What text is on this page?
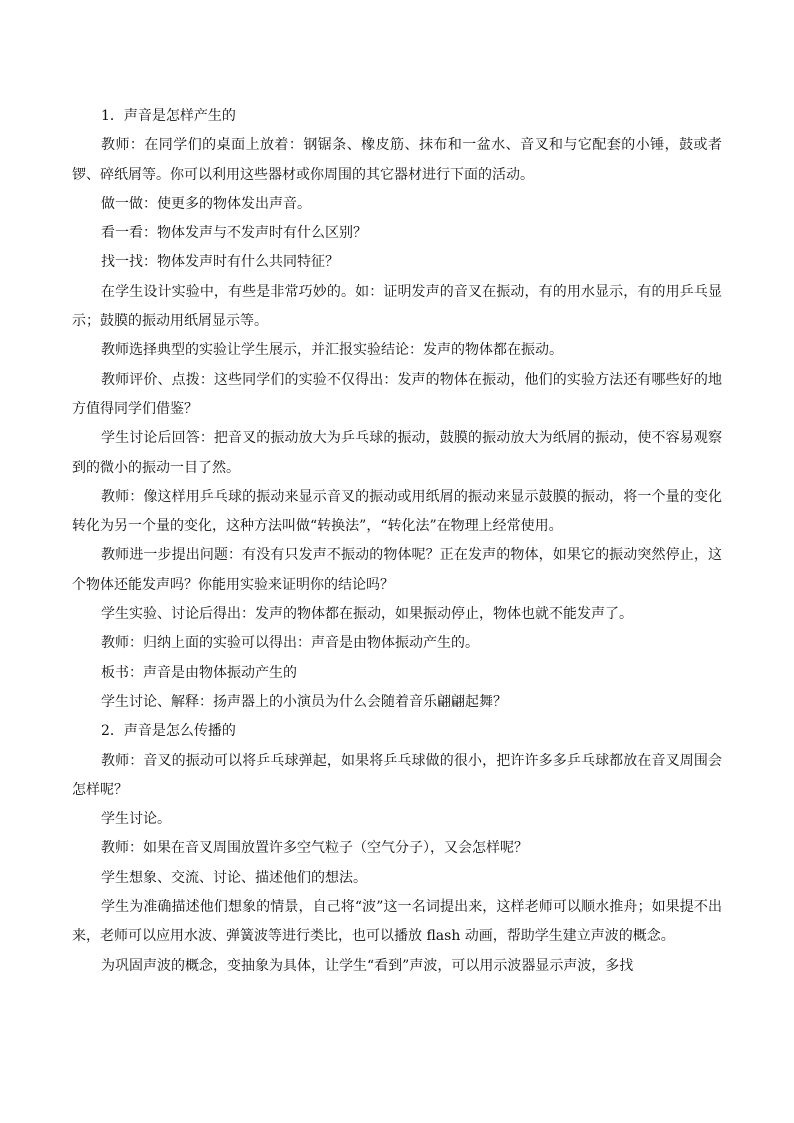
1．声音是怎样产生的

教师：在同学们的桌面上放着：钢锯条、橡皮筋、抹布和一盆水、音叉和与它配套的小锤，鼓或者锣、碎纸屑等。你可以利用这些器材或你周围的其它器材进行下面的活动。

做一做：使更多的物体发出声音。

看一看：物体发声与不发声时有什么区别？

找一找：物体发声时有什么共同特征？

在学生设计实验中，有些是非常巧妙的。如：证明发声的音叉在振动，有的用水显示，有的用乒乓显示；鼓膜的振动用纸屑显示等。

教师选择典型的实验让学生展示，并汇报实验结论：发声的物体都在振动。

教师评价、点拨：这些同学们的实验不仅得出：发声的物体在振动，他们的实验方法还有哪些好的地方值得同学们借鉴？

学生讨论后回答：把音叉的振动放大为乒乓球的振动，鼓膜的振动放大为纸屑的振动，使不容易观察到的微小的振动一目了然。

教师：像这样用乒乓球的振动来显示音叉的振动或用纸屑的振动来显示鼓膜的振动，将一个量的变化转化为另一个量的变化，这种方法叫做“转换法”，“转化法”在物理上经常使用。

教师进一步提出问题：有没有只发声不振动的物体呢？正在发声的物体，如果它的振动突然停止，这个物体还能发声吗？你能用实验来证明你的结论吗？

学生实验、讨论后得出：发声的物体都在振动，如果振动停止，物体也就不能发声了。

教师：归纳上面的实验可以得出：声音是由物体振动产生的。

板书：声音是由物体振动产生的

学生讨论、解释：扬声器上的小演员为什么会随着音乐翩翩起舞？

2．声音是怎么传播的

教师：音叉的振动可以将乒乓球弹起，如果将乒乓球做的很小，把许许多多乒乓球都放在音叉周围会怎样呢？

学生讨论。

教师：如果在音叉周围放置许多空气粒子（空气分子），又会怎样呢？

学生想象、交流、讨论、描述他们的想法。

学生为准确描述他们想象的情景，自己将“波”这一名词提出来，这样老师可以顺水推舟；如果提不出来，老师可以应用水波、弹簧波等进行类比，也可以播放 flash 动画，帮助学生建立声波的概念。

为巩固声波的概念，变抽象为具体，让学生“看到”声波，可以用示波器显示声波，多找
